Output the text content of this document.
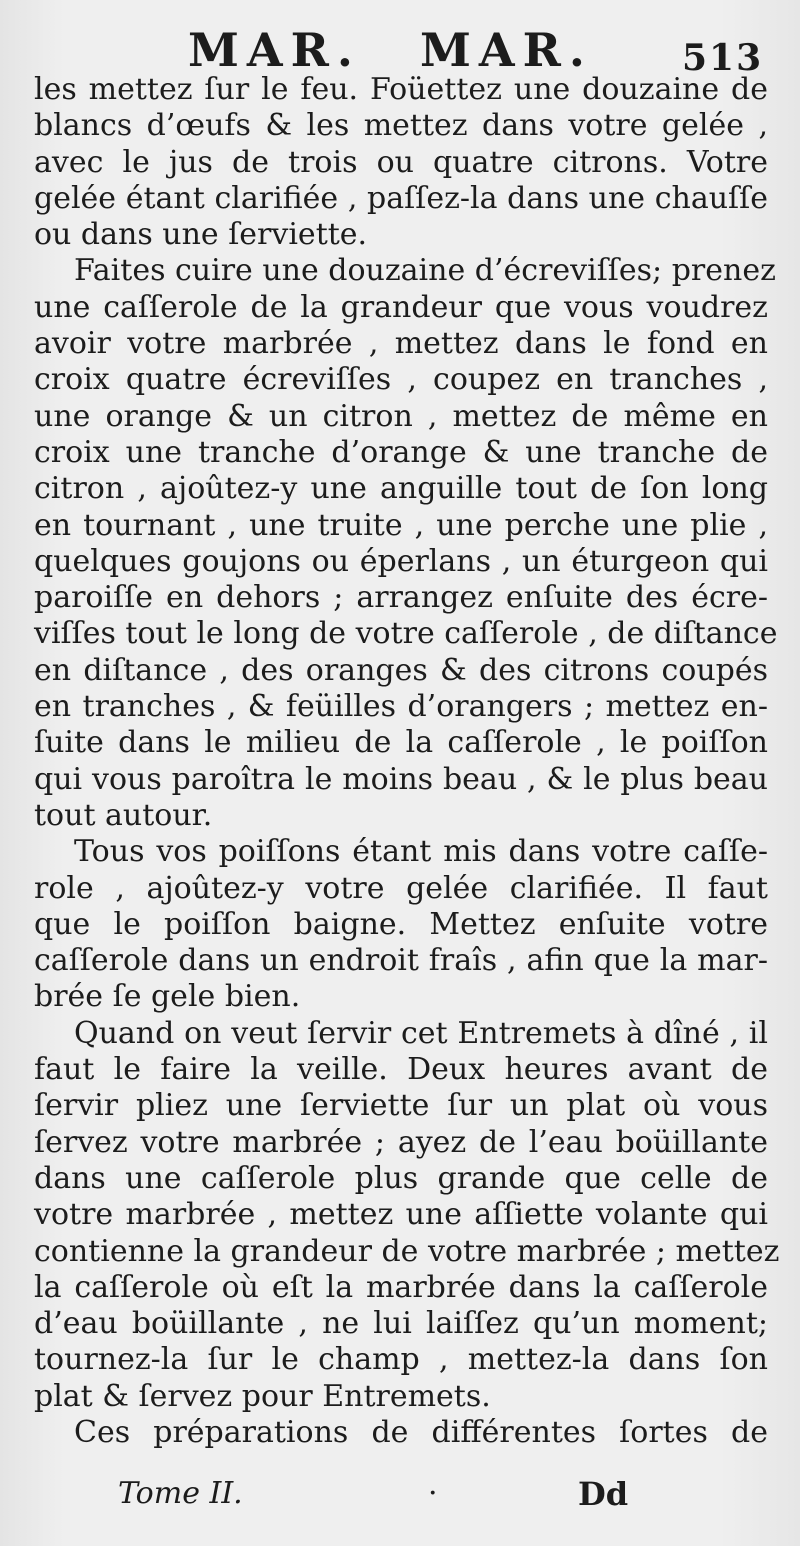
MAR. MAR. 513
les mettez ſur le feu. Foüettez une douzaine de
blancs d’œufs & les mettez dans votre gelée ,
avec le jus de trois ou quatre citrons. Votre
gelée étant clarifiée , paſſez-la dans une chauſſe
ou dans une ſerviette.
Faites cuire une douzaine d’écreviſſes; prenez
une caſſerole de la grandeur que vous voudrez
avoir votre marbrée , mettez dans le fond en
croix quatre écreviſſes , coupez en tranches ,
une orange & un citron , mettez de même en
croix une tranche d’orange & une tranche de
citron , ajoûtez-y une anguille tout de ſon long
en tournant , une truite , une perche une plie ,
quelques goujons ou éperlans , un éturgeon qui
paroiſſe en dehors ; arrangez enſuite des écre-
viſſes tout le long de votre caſſerole , de diſtance
en diſtance , des oranges & des citrons coupés
en tranches , & feüilles d’orangers ; mettez en-
ſuite dans le milieu de la caſſerole , le poiſſon
qui vous paroîtra le moins beau , & le plus beau
tout autour.
Tous vos poiſſons étant mis dans votre caſſe-
role , ajoûtez-y votre gelée clarifiée. Il faut
que le poiſſon baigne. Mettez enſuite votre
caſſerole dans un endroit fraîs , afin que la mar-
brée ſe gele bien.
Quand on veut ſervir cet Entremets à dîné , il
faut le faire la veille. Deux heures avant de
ſervir pliez une ſerviette ſur un plat où vous
ſervez votre marbrée ; ayez de l’eau boüillante
dans une caſſerole plus grande que celle de
votre marbrée , mettez une aſſiette volante qui
contienne la grandeur de votre marbrée ; mettez
la caſſerole où eſt la marbrée dans la caſſerole
d’eau boüillante , ne lui laiſſez qu’un moment;
tournez-la ſur le champ , mettez-la dans ſon
plat & ſervez pour Entremets.
Ces préparations de différentes ſortes de
Tome II.	·	Dd
